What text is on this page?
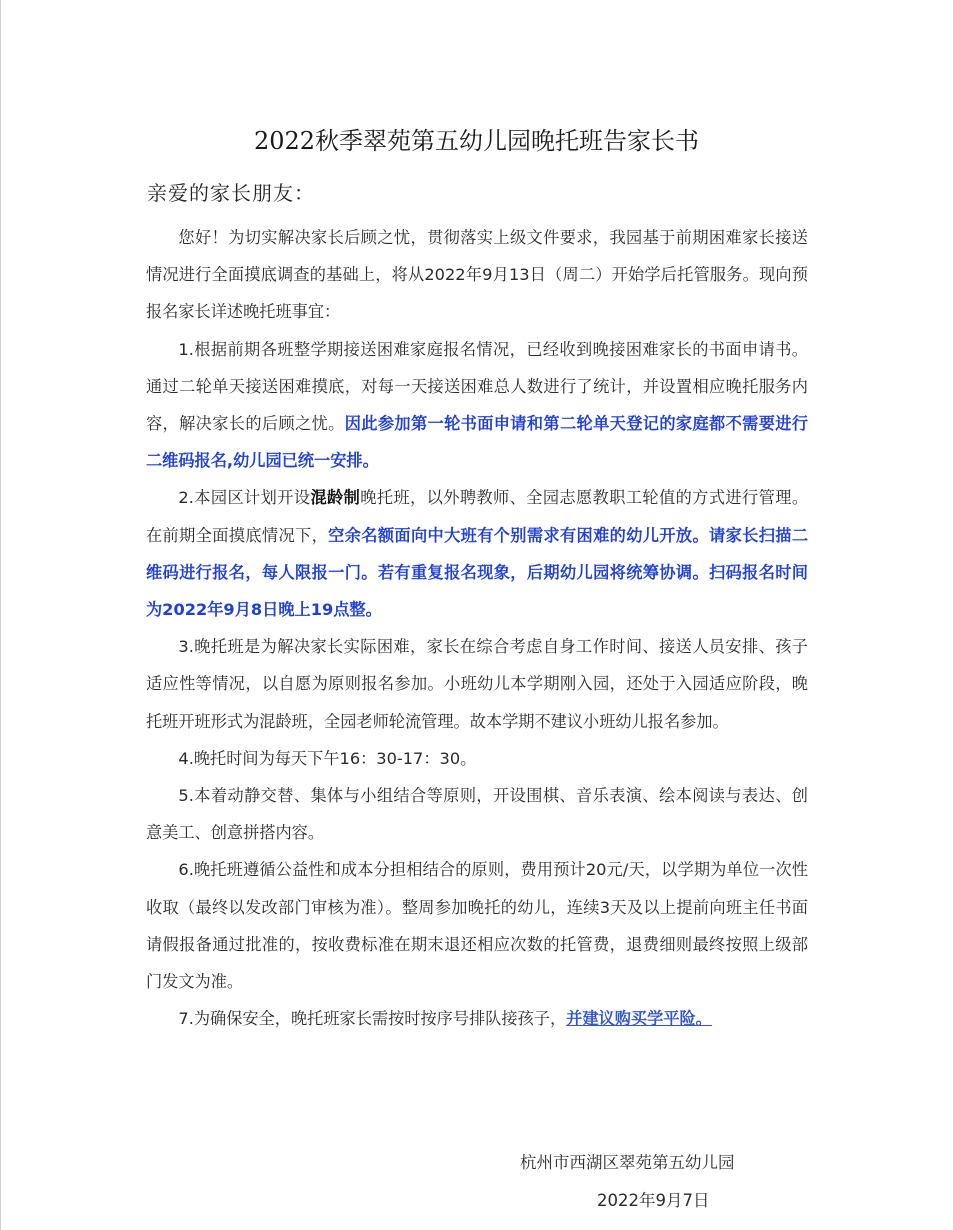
2022秋季翠苑第五幼儿园晚托班告家长书
亲爱的家长朋友：

您好！为切实解决家长后顾之忧，贯彻落实上级文件要求，我园基于前期困难家长接送情况进行全面摸底调查的基础上，将从2022年9月13日（周二）开始学后托管服务。现向预报名家长详述晚托班事宜：

1.根据前期各班整学期接送困难家庭报名情况，已经收到晚接困难家长的书面申请书。通过二轮单天接送困难摸底，对每一天接送困难总人数进行了统计，并设置相应晚托服务内容，解决家长的后顾之忧。因此参加第一轮书面申请和第二轮单天登记的家庭都不需要进行二维码报名,幼儿园已统一安排。

2.本园区计划开设混龄制晚托班，以外聘教师、全园志愿教职工轮值的方式进行管理。在前期全面摸底情况下，空余名额面向中大班有个别需求有困难的幼儿开放。请家长扫描二维码进行报名，每人限报一门。若有重复报名现象，后期幼儿园将统筹协调。扫码报名时间为2022年9月8日晚上19点整。

3.晚托班是为解决家长实际困难，家长在综合考虑自身工作时间、接送人员安排、孩子适应性等情况，以自愿为原则报名参加。小班幼儿本学期刚入园，还处于入园适应阶段，晚托班开班形式为混龄班，全园老师轮流管理。故本学期不建议小班幼儿报名参加。

4.晚托时间为每天下午16：30-17：30。

5.本着动静交替、集体与小组结合等原则，开设围棋、音乐表演、绘本阅读与表达、创意美工、创意拼搭内容。

6.晚托班遵循公益性和成本分担相结合的原则，费用预计20元/天，以学期为单位一次性收取（最终以发改部门审核为准）。整周参加晚托的幼儿，连续3天及以上提前向班主任书面请假报备通过批准的，按收费标准在期末退还相应次数的托管费，退费细则最终按照上级部门发文为准。

7.为确保安全，晚托班家长需按时按序号排队接孩子，并建议购买学平险。

杭州市西湖区翠苑第五幼儿园
2022年9月7日
